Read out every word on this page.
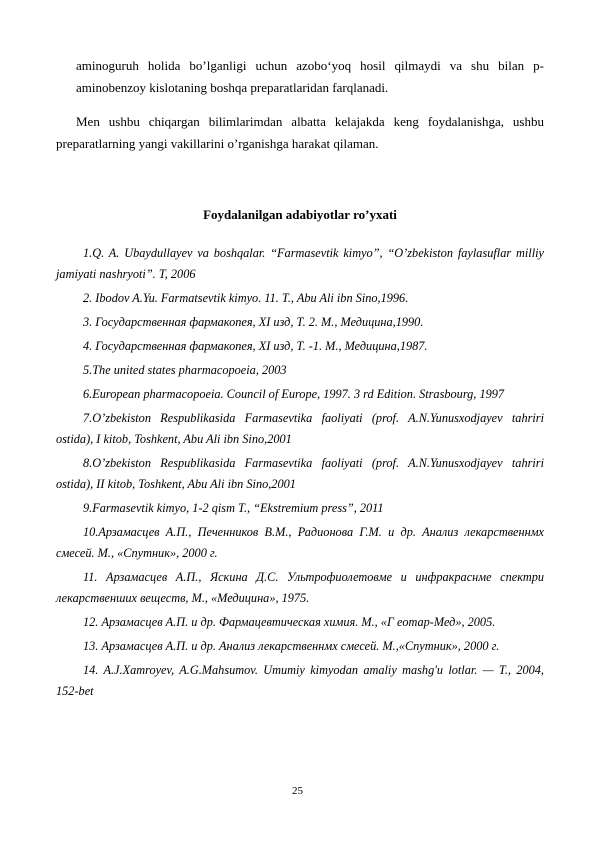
aminoguruh holida bo’lganligi uchun azobo‘yoq hosil qilmaydi va shu bilan p-aminobenzoy kislotaning boshqa preparatlaridan farqlanadi.

Men ushbu chiqargan bilimlarimdan albatta kelajakda keng foydalanishga, ushbu preparatlarning yangi vakillarini o’rganishga harakat qilaman.

Foydalanilgan adabiyotlar ro’yxati
1.Q. A. Ubaydullayev va boshqalar. “Farmasevtik kimyo”, “O’zbekiston faylasuflar milliy jamiyati nashryoti”. T, 2006
2. Ibodov A.Yu. Farmatsevtik kimyo. 11. T., Abu Ali ibn Sino,1996.
3. Государственная фармакопея, XI изд, Т. 2. М., Медицина,1990.
4. Государственная фармакопея, XI изд, Т. -1. М., Медицина,1987.
5.The united states pharmacopoeia, 2003
6.European pharmacopoeia. Council of Europe, 1997. 3 rd Edition. Strasbourg, 1997
7.O’zbekiston Respublikasida Farmasevtika faoliyati (prof. A.N.Yunusxodjayev tahriri ostida), I kitob, Toshkent, Abu Ali ibn Sino,2001
8.O’zbekiston Respublikasida Farmasevtika faoliyati (prof. A.N.Yunusxodjayev tahriri ostida), II kitob, Toshkent, Abu Ali ibn Sino,2001
9.Farmasevtik kimyo, 1-2 qism T., “Ekstremium press”, 2011
10.Арзамасцев А.П., Печенников В.М., Радионова Г.М. и др. Анализ лекарственнмх смесей. М., «Сnутник», 2000 г.
11. Арзамасцев А.П., Яскина Д.С. Ультрофиолетовме и инфракраснме спектри лекарственших веществ, М., «Медицина», 1975.
12. Арзамасцев А.П. и др. Фармацевтическая химия. М., «Г еотар-Мед», 2005.
13. Арзамасцев А.П. и др. Анализ лекарственнмх смесей. М.,«Сnутник», 2000 г.
14. A.J.Xamroyev, A.G.Mahsumov. Umumiy kimyodan amaliy mashg'u lotlar. — T., 2004, 152-bet
25
